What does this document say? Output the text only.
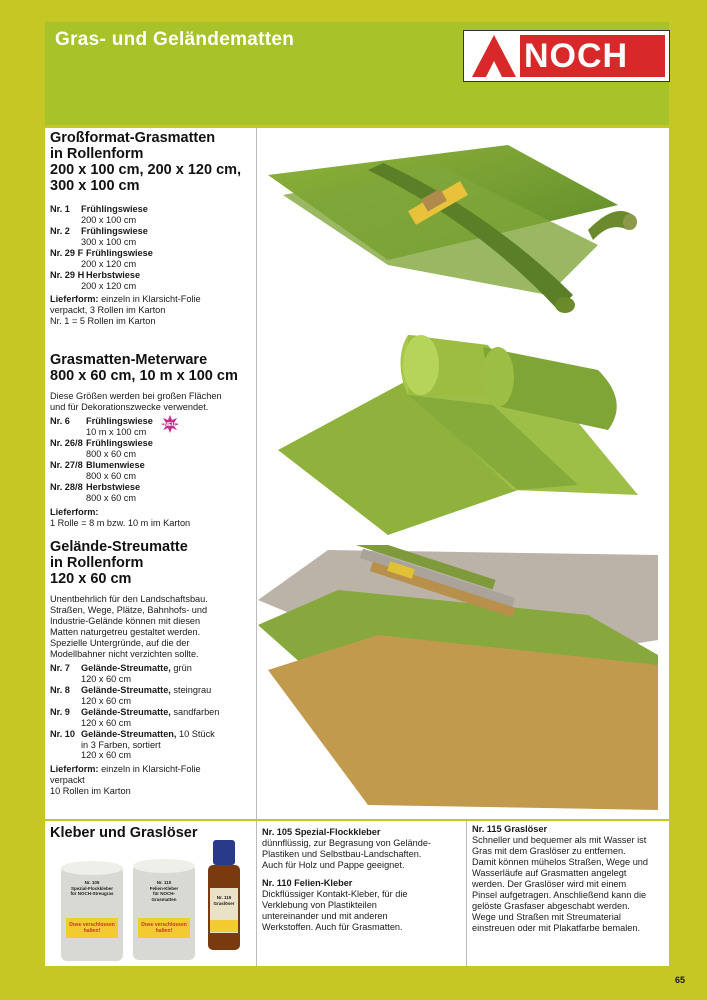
Gras- und Geländematten	NOCH
Großformat-Grasmatten
in Rollenform
200 x 100 cm, 200 x 120 cm,
300 x 100 cm
Nr. 1 Frühlingswiese
200 x 100 cm
Nr. 2 Frühlingswiese
300 x 100 cm
Nr. 29 F Frühlingswiese
200 x 120 cm
Nr. 29 H Herbstwiese
200 x 120 cm
Lieferform: einzeln in Klarsicht-Folie
verpackt, 3 Rollen im Karton
Nr. 1 = 5 Rollen im Karton
Grasmatten-Meterware
800 x 60 cm, 10 m x 100 cm
Diese Größen werden bei großen Flächen
und für Dekorationszwecke verwendet.
Nr. 6 Frühlingswiese NEU
10 m x 100 cm
Nr. 26/8 Frühlingswiese
800 x 60 cm
Nr. 27/8 Blumenwiese
800 x 60 cm
Nr. 28/8 Herbstwiese
800 x 60 cm
Lieferform:
1 Rolle = 8 m bzw. 10 m im Karton
Gelände-Streumatte
in Rollenform
120 x 60 cm
Unentbehrlich für den Landschaftsbau.
Straßen, Wege, Plätze, Bahnhofs- und
Industrie-Gelände können mit diesen
Matten naturgetreu gestaltet werden.
Spezielle Untergründe, auf die der
Modellbahner nicht verzichten sollte.
Nr. 7 Gelände-Streumatte, grün
120 x 60 cm
Nr. 8 Gelände-Streumatte, steingrau
120 x 60 cm
Nr. 9 Gelände-Streumatte, sandfarben
120 x 60 cm
Nr. 10 Gelände-Streumatten, 10 Stück
in 3 Farben, sortiert
120 x 60 cm
Lieferform: einzeln in Klarsicht-Folie
verpackt
10 Rollen im Karton
Kleber und Graslöser
Nr. 105
Spezial-Flockkleber
für NOCH-Streugras
Nr. 110
Felien-Kleber
für NOCH-Grasmatten	Nr. 115
Graslöser
Dose verschlossen halten!
Dose verschlossen halten!
Nr. 105 Spezial-Flockkleber
dünnflüssig, zur Begrasung von Gelände-
Plastiken und Selbstbau-Landschaften.
Auch für Holz und Pappe geeignet.
Nr. 110 Felien-Kleber
Dickflüssiger Kontakt-Kleber, für die
Verklebung von Plastikteilen
untereinander und mit anderen
Werkstoffen. Auch für Grasmatten.
Nr. 115 Graslöser
Schneller und bequemer als mit Wasser ist
Gras mit dem Graslöser zu entfernen.
Damit können mühelos Straßen, Wege und
Wasserläufe auf Grasmatten angelegt
werden. Der Graslöser wird mit einem
Pinsel aufgetragen. Anschließend kann die
gelöste Grasfaser abgeschabt werden.
Wege und Straßen mit Streumaterial
einstreuen oder mit Plakatfarbe bemalen.
65
